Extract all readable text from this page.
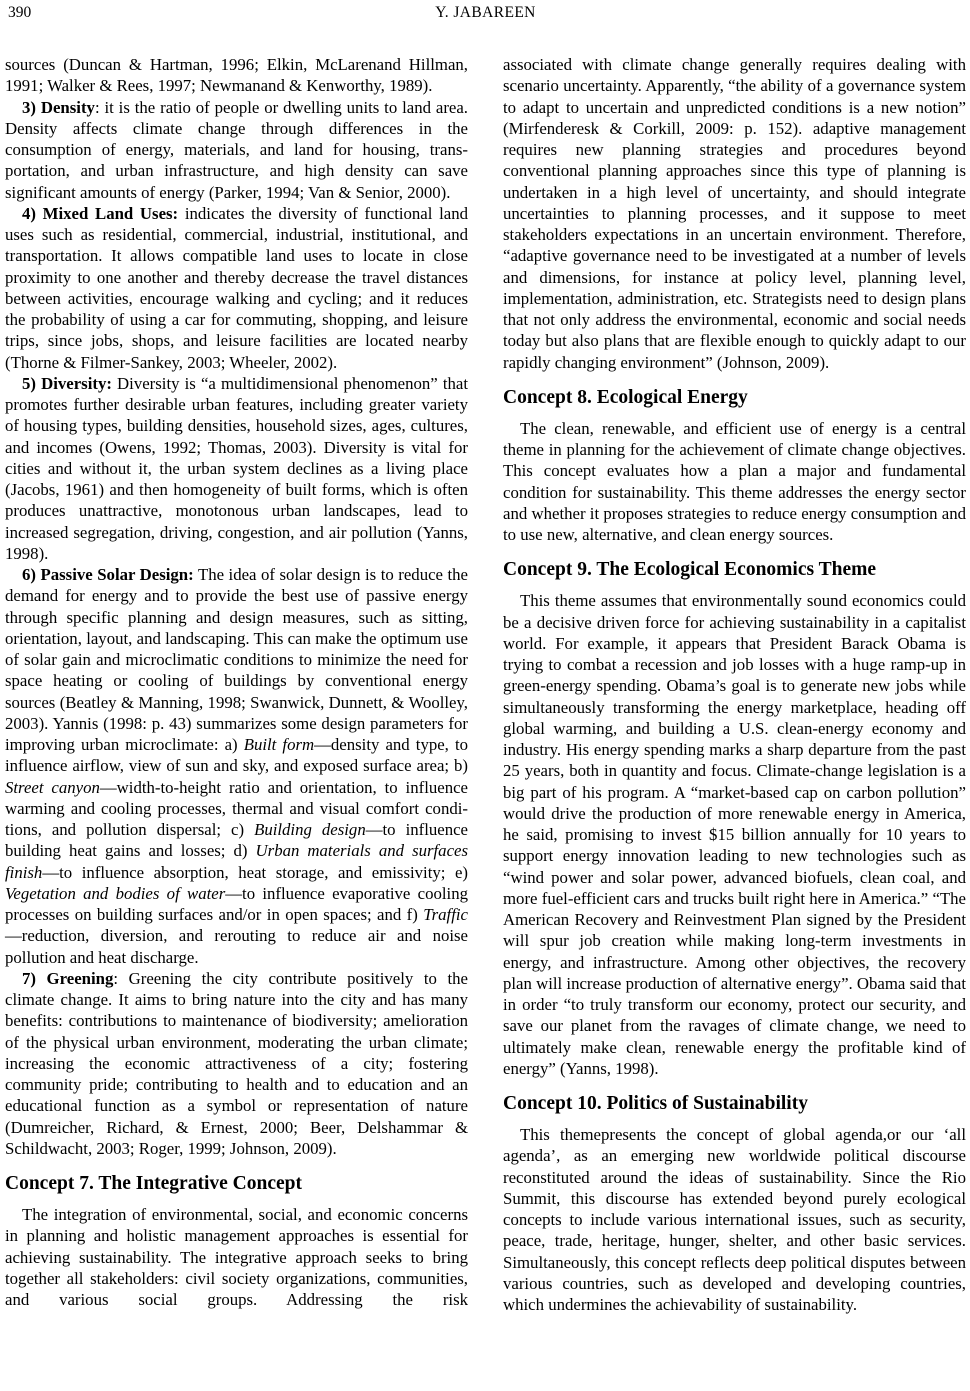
390	Y. JABAREEN

sources (Duncan & Hartman, 1996; Elkin, McLarenand Hillman, 1991; Walker & Rees, 1997; Newmanand & Kenworthy, 1989).

3) Density: it is the ratio of people or dwelling units to land area. Density affects climate change through differences in the consumption of energy, materials, and land for housing, transportation, and urban infrastructure, and high density can save significant amounts of energy (Parker, 1994; Van & Senior, 2000).

4) Mixed Land Uses: indicates the diversity of functional land uses such as residential, commercial, industrial, institutional, and transportation. It allows compatible land uses to locate in close proximity to one another and thereby decrease the travel distances between activities, encourage walking and cycling; and it reduces the probability of using a car for commuting, shopping, and leisure trips, since jobs, shops, and leisure facilities are located nearby (Thorne & Filmer-Sankey, 2003; Wheeler, 2002).

5) Diversity: Diversity is “a multidimensional phenomenon” that promotes further desirable urban features, including greater variety of housing types, building densities, household sizes, ages, cultures, and incomes (Owens, 1992; Thomas, 2003). Diversity is vital for cities and without it, the urban system declines as a living place (Jacobs, 1961) and then homogeneity of built forms, which is often produces unattractive, monotonous urban landscapes, lead to increased segregation, driving, congestion, and air pollution (Yanns, 1998).

6) Passive Solar Design: The idea of solar design is to reduce the demand for energy and to provide the best use of passive energy through specific planning and design measures, such as sitting, orientation, layout, and landscaping. This can make the optimum use of solar gain and microclimatic conditions to minimize the need for space heating or cooling of buildings by conventional energy sources (Beatley & Manning, 1998; Swanwick, Dunnett, & Woolley, 2003). Yannis (1998: p. 43) summarizes some design parameters for improving urban microclimate: a) Built form—density and type, to influence airflow, view of sun and sky, and exposed surface area; b) Street canyon—width-to-height ratio and orientation, to influence warming and cooling processes, thermal and visual comfort conditions, and pollution dispersal; c) Building design—to influence building heat gains and losses; d) Urban materials and surfaces finish—to influence absorption, heat storage, and emissivity; e) Vegetation and bodies of water—to influence evaporative cooling processes on building surfaces and/or in open spaces; and f) Traffic—reduction, diversion, and rerouting to reduce air and noise pollution and heat discharge.

7) Greening: Greening the city contribute positively to the climate change. It aims to bring nature into the city and has many benefits: contributions to maintenance of biodiversity; amelioration of the physical urban environment, moderating the urban climate; increasing the economic attractiveness of a city; fostering community pride; contributing to health and to education and an educational function as a symbol or representation of nature (Dumreicher, Richard, & Ernest, 2000; Beer, Delshammar & Schildwacht, 2003; Roger, 1999; Johnson, 2009).

Concept 7. The Integrative Concept

The integration of environmental, social, and economic concerns in planning and holistic management approaches is essential for achieving sustainability. The integrative approach seeks to bring together all stakeholders: civil society organizations, communities, and various social groups. Addressing the risk

associated with climate change generally requires dealing with scenario uncertainty. Apparently, “the ability of a governance system to adapt to uncertain and unpredicted conditions is a new notion” (Mirfenderesk & Corkill, 2009: p. 152). adaptive management requires new planning strategies and procedures beyond conventional planning approaches since this type of planning is undertaken in a high level of uncertainty, and should integrate uncertainties to planning processes, and it suppose to meet stakeholders expectations in an uncertain environment. Therefore, “adaptive governance need to be investigated at a number of levels and dimensions, for instance at policy level, planning level, implementation, administration, etc. Strategists need to design plans that not only address the environmental, economic and social needs today but also plans that are flexible enough to quickly adapt to our rapidly changing environment” (Johnson, 2009).

Concept 8. Ecological Energy

The clean, renewable, and efficient use of energy is a central theme in planning for the achievement of climate change objectives. This concept evaluates how a plan a major and fundamental condition for sustainability. This theme addresses the energy sector and whether it proposes strategies to reduce energy consumption and to use new, alternative, and clean energy sources.

Concept 9. The Ecological Economics Theme

This theme assumes that environmentally sound economics could be a decisive driven force for achieving sustainability in a capitalist world. For example, it appears that President Barack Obama is trying to combat a recession and job losses with a huge ramp-up in green-energy spending. Obama’s goal is to generate new jobs while simultaneously transforming the energy marketplace, heading off global warming, and building a U.S. clean-energy economy and industry. His energy spending marks a sharp departure from the past 25 years, both in quantity and focus. Climate-change legislation is a big part of his program. A “market-based cap on carbon pollution” would drive the production of more renewable energy in America, he said, promising to invest $15 billion annually for 10 years to support energy innovation leading to new technologies such as “wind power and solar power, advanced biofuels, clean coal, and more fuel-efficient cars and trucks built right here in America.” “The American Recovery and Reinvestment Plan signed by the President will spur job creation while making long-term investments in energy, and infrastructure. Among other objectives, the recovery plan will increase production of alternative energy”. Obama said that in order “to truly transform our economy, protect our security, and save our planet from the ravages of climate change, we need to ultimately make clean, renewable energy the profitable kind of energy” (Yanns, 1998).

Concept 10. Politics of Sustainability

This themepresents the concept of global agenda,or our ‘all agenda’, as an emerging new worldwide political discourse reconstituted around the ideas of sustainability. Since the Rio Summit, this discourse has extended beyond purely ecological concepts to include various international issues, such as security, peace, trade, heritage, hunger, shelter, and other basic services. Simultaneously, this concept reflects deep political disputes between various countries, such as developed and developing countries, which undermines the achievability of sustainability.
